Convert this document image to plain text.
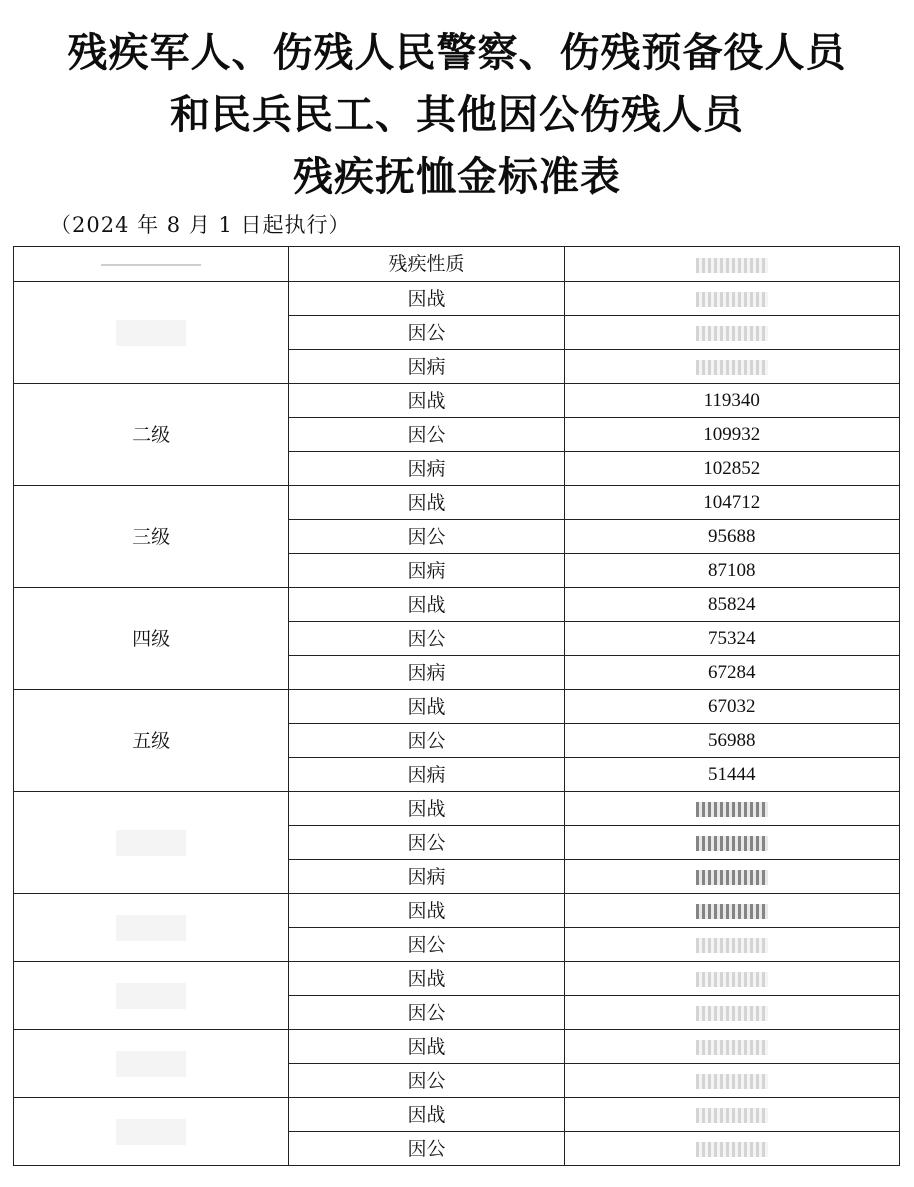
残疾军人、伤残人民警察、伤残预备役人员
和民兵民工、其他因公伤残人员
残疾抚恤金标准表
（2024 年 8 月 1 日起执行）
	残疾性质	
	因战	
	因公	
	因病	
二级	因战	119340
	因公	109932
	因病	102852
三级	因战	104712
	因公	95688
	因病	87108
四级	因战	85824
	因公	75324
	因病	67284
五级	因战	67032
	因公	56988
	因病	51444
	因战	
	因公	
	因病	
	因战	
	因公	
	因战	
	因公	
	因战	
	因公	
	因战	
	因公	
